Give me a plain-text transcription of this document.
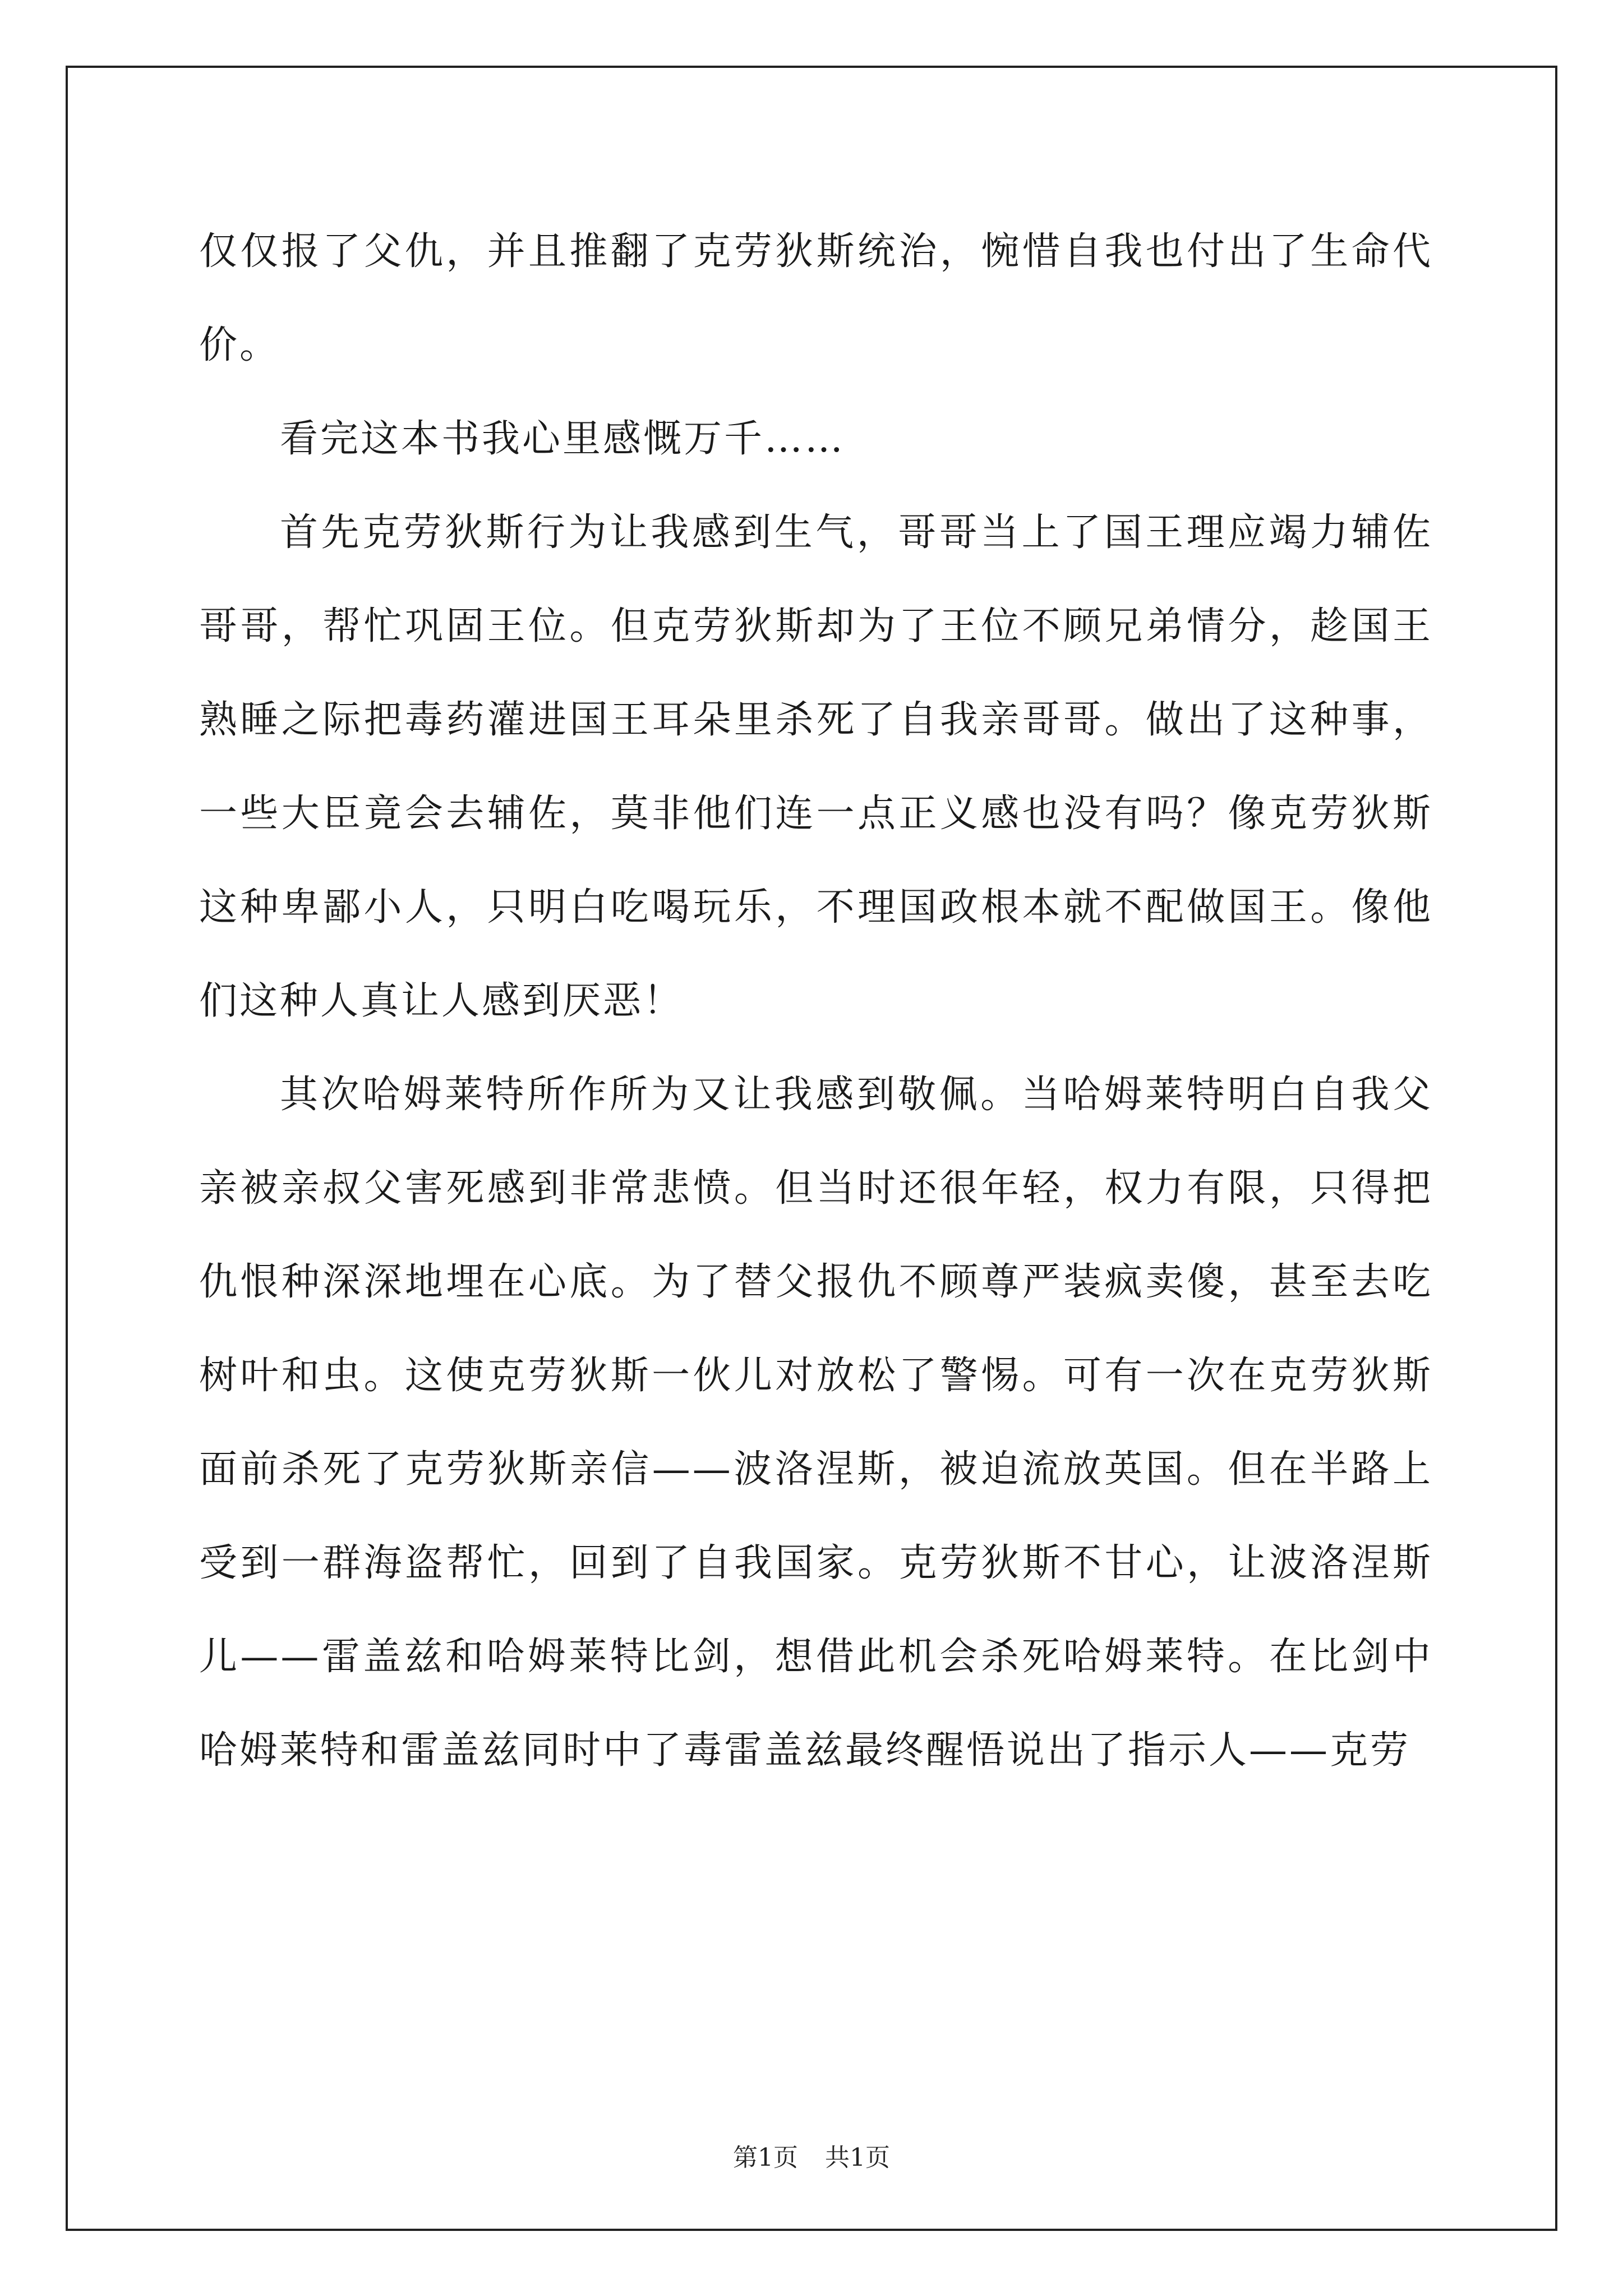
仅仅报了父仇，并且推翻了克劳狄斯统治，惋惜自我也付出了生命代价。

看完这本书我心里感慨万千……

首先克劳狄斯行为让我感到生气，哥哥当上了国王理应竭力辅佐哥哥，帮忙巩固王位。但克劳狄斯却为了王位不顾兄弟情分，趁国王熟睡之际把毒药灌进国王耳朵里杀死了自我亲哥哥。做出了这种事，一些大臣竟会去辅佐，莫非他们连一点正义感也没有吗？像克劳狄斯这种卑鄙小人，只明白吃喝玩乐，不理国政根本就不配做国王。像他们这种人真让人感到厌恶！

其次哈姆莱特所作所为又让我感到敬佩。当哈姆莱特明白自我父亲被亲叔父害死感到非常悲愤。但当时还很年轻，权力有限，只得把仇恨种深深地埋在心底。为了替父报仇不顾尊严装疯卖傻，甚至去吃树叶和虫。这使克劳狄斯一伙儿对放松了警惕。可有一次在克劳狄斯面前杀死了克劳狄斯亲信——波洛涅斯，被迫流放英国。但在半路上受到一群海盗帮忙，回到了自我国家。克劳狄斯不甘心，让波洛涅斯儿——雷盖兹和哈姆莱特比剑，想借此机会杀死哈姆莱特。在比剑中哈姆莱特和雷盖兹同时中了毒雷盖兹最终醒悟说出了指示人——克劳

第1页 共1页
